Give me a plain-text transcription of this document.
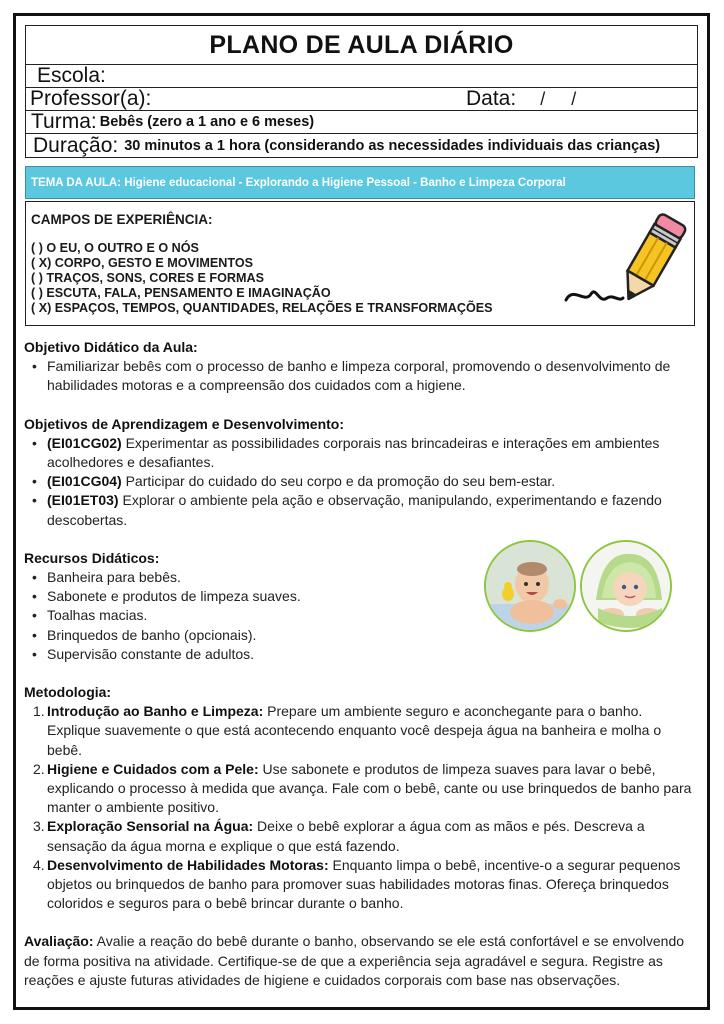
PLANO DE AULA DIÁRIO
Escola:
Professor(a):	Data: / /
Turma: Bebês (zero a 1 ano e 6 meses)
Duração: 30 minutos a 1 hora (considerando as necessidades individuais das crianças)
TEMA DA AULA: Higiene educacional - Explorando a Higiene Pessoal - Banho e Limpeza Corporal
CAMPOS DE EXPERIÊNCIA:
( ) O EU, O OUTRO E O NÓS
( X) CORPO, GESTO E MOVIMENTOS
( ) TRAÇOS, SONS, CORES E FORMAS
( ) ESCUTA, FALA, PENSAMENTO E IMAGINAÇÃO
( X) ESPAÇOS, TEMPOS, QUANTIDADES, RELAÇÕES E TRANSFORMAÇÕES
Objetivo Didático da Aula:
• Familiarizar bebês com o processo de banho e limpeza corporal, promovendo o desenvolvimento de habilidades motoras e a compreensão dos cuidados com a higiene.
Objetivos de Aprendizagem e Desenvolvimento:
• (EI01CG02) Experimentar as possibilidades corporais nas brincadeiras e interações em ambientes acolhedores e desafiantes.
• (EI01CG04) Participar do cuidado do seu corpo e da promoção do seu bem-estar.
• (EI01ET03) Explorar o ambiente pela ação e observação, manipulando, experimentando e fazendo descobertas.
Recursos Didáticos:
• Banheira para bebês.
• Sabonete e produtos de limpeza suaves.
• Toalhas macias.
• Brinquedos de banho (opcionais).
• Supervisão constante de adultos.
Metodologia:
1. Introdução ao Banho e Limpeza: Prepare um ambiente seguro e aconchegante para o banho. Explique suavemente o que está acontecendo enquanto você despeja água na banheira e molha o bebê.
2. Higiene e Cuidados com a Pele: Use sabonete e produtos de limpeza suaves para lavar o bebê, explicando o processo à medida que avança. Fale com o bebê, cante ou use brinquedos de banho para manter o ambiente positivo.
3. Exploração Sensorial na Água: Deixe o bebê explorar a água com as mãos e pés. Descreva a sensação da água morna e explique o que está fazendo.
4. Desenvolvimento de Habilidades Motoras: Enquanto limpa o bebê, incentive-o a segurar pequenos objetos ou brinquedos de banho para promover suas habilidades motoras finas. Ofereça brinquedos coloridos e seguros para o bebê brincar durante o banho.

Avaliação: Avalie a reação do bebê durante o banho, observando se ele está confortável e se envolvendo de forma positiva na atividade. Certifique-se de que a experiência seja agradável e segura. Registre as reações e ajuste futuras atividades de higiene e cuidados corporais com base nas observações.
